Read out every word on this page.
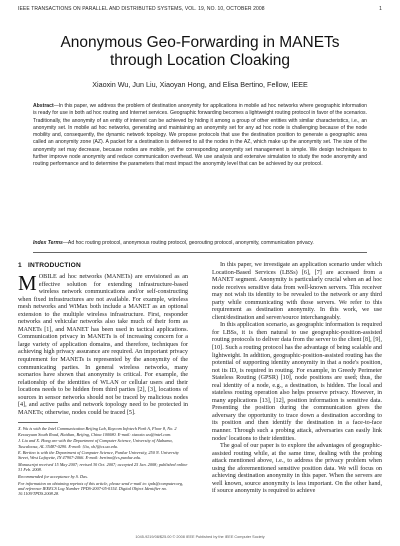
IEEE TRANSACTIONS ON PARALLEL AND DISTRIBUTED SYSTEMS, VOL. 19, NO. 10, OCTOBER 2008	1
Anonymous Geo-Forwarding in MANETs
through Location Cloaking
Xiaoxin Wu, Jun Liu, Xiaoyan Hong, and Elisa Bertino, Fellow, IEEE
Abstract—In this paper, we address the problem of destination anonymity for applications in mobile ad hoc networks where geographic information is ready for use in both ad hoc routing and Internet services. Geographic forwarding becomes a lightweight routing protocol in favor of the scenarios. Traditionally, the anonymity of an entity of interest can be achieved by hiding it among a group of other entities with similar characteristics, i.e., an anonymity set. In mobile ad hoc networks, generating and maintaining an anonymity set for any ad hoc node is challenging because of the node mobility and, consequently, the dynamic network topology. We propose protocols that use the destination position to generate a geographic area called an anonymity zone (AZ). A packet for a destination is delivered to all the nodes in the AZ, which make up the anonymity set. The size of the anonymity set may decrease, because nodes are mobile, yet the corresponding anonymity set management is simple. We design techniques to further improve node anonymity and reduce communication overhead. We use analysis and extensive simulation to study the node anonymity and routing performance and to determine the parameters that most impact the anonymity level that can be achieved by our protocol.
Index Terms—Ad hoc routing protocol, anonymous routing protocol, georouting protocol, anonymity, communication privacy.
1 INTRODUCTION

MOBILE ad hoc networks (MANETs) are envisioned as an effective solution for extending infrastructure-based wireless network communications and/or self-constructing when fixed infrastructures are not available. For example, wireless mesh networks and WiMax both include a MANET as an optional extension to the multiple wireless infrastructure. First, responder networks and vehicular networks also take much of their form as MANETs [1], and MANET has been used in tactical applications. Communication privacy in MANETs is of increasing concern for a large variety of application domains, and therefore, techniques for achieving high privacy assurance are required. An important privacy requirement for MANETs is represented by the anonymity of the communicating parties. In general wireless networks, many scenarios have shown that anonymity is critical. For example, the relationship of the identities of WLAN or cellular users and their locations needs to be hidden from third parties [2], [3], locations of sources in sensor networks should not be traced by malicious nodes [4], and active paths and network topology need to be protected in MANETs; otherwise, nodes could be traced [5].

X. Wu is with the Intel Communication Beijing Lab, Raycom Infotech Park A, Floor 8, No. 2 Kexueyuan South Road, Haidian, Beijing, China 100080. E-mail: xiaoxin.wu@intel.com.
J. Liu and X. Hong are with the Department of Computer Science, University of Alabama, Tuscaloosa, AL 35487-0290. E-mail: {liu, xh}@cs.ua.edu.
E. Bertino is with the Department of Computer Science, Purdue University, 250 N. University Street, West Lafayette, IN 47907-2066. E-mail: bertino@cs.purdue.edu.
Manuscript received 15 May 2007; revised 30 Oct. 2007; accepted 25 Jan. 2008; published online 31 Feb. 2008.
Recommended for acceptance by S. Das.
For information on obtaining reprints of this article, please send e-mail to: tpds@computer.org, and reference IEEECS Log Number TPDS-2007-05-0154. Digital Object Identifier no. 10.1109/TPDS.2008.28.

In this paper, we investigate an application scenario under which Location-Based Services (LBSs) [6], [7] are accessed from a MANET segment. Anonymity is particularly crucial when an ad hoc node receives sensitive data from well-known servers. This receiver may not wish its identity to be revealed to the network or any third party while communicating with those servers. We refer to this requirement as destination anonymity. In this work, we use client/destination and server/source interchangeably.

In this application scenario, as geographic information is required for LBSs, it is then natural to use geographic-position-assisted routing protocols to deliver data from the server to the client [8], [9], [10]. Such a routing protocol has the advantage of being scalable and lightweight. In addition, geographic-position-assisted routing has the potential of supporting identity anonymity in that a node's position, not its ID, is required in routing. For example, in Greedy Perimeter Stateless Routing (GPSR) [10], node positions are used; thus, the real identity of a node, e.g., a destination, is hidden. The local and stateless routing operation also helps preserve privacy. However, in many applications [13], [12], position information is sensitive data. Presenting the position during the communication gives the adversary the opportunity to trace down a destination according to its position and then identify the destination in a face-to-face manner. Through such a probing attack, adversaries can easily link nodes' locations to their identities.

The goal of our paper is to explore the advantages of geographic-assisted routing while, at the same time, dealing with the probing attack mentioned above, i.e., to address the privacy problem when using the aforementioned sensitive position data. We will focus on achieving destination anonymity in this paper. When the servers are well known, source anonymity is less important. On the other hand, if source anonymity is required to achieve

1045-9219/08/$25.00 © 2008 IEEE Published by the IEEE Computer Society
